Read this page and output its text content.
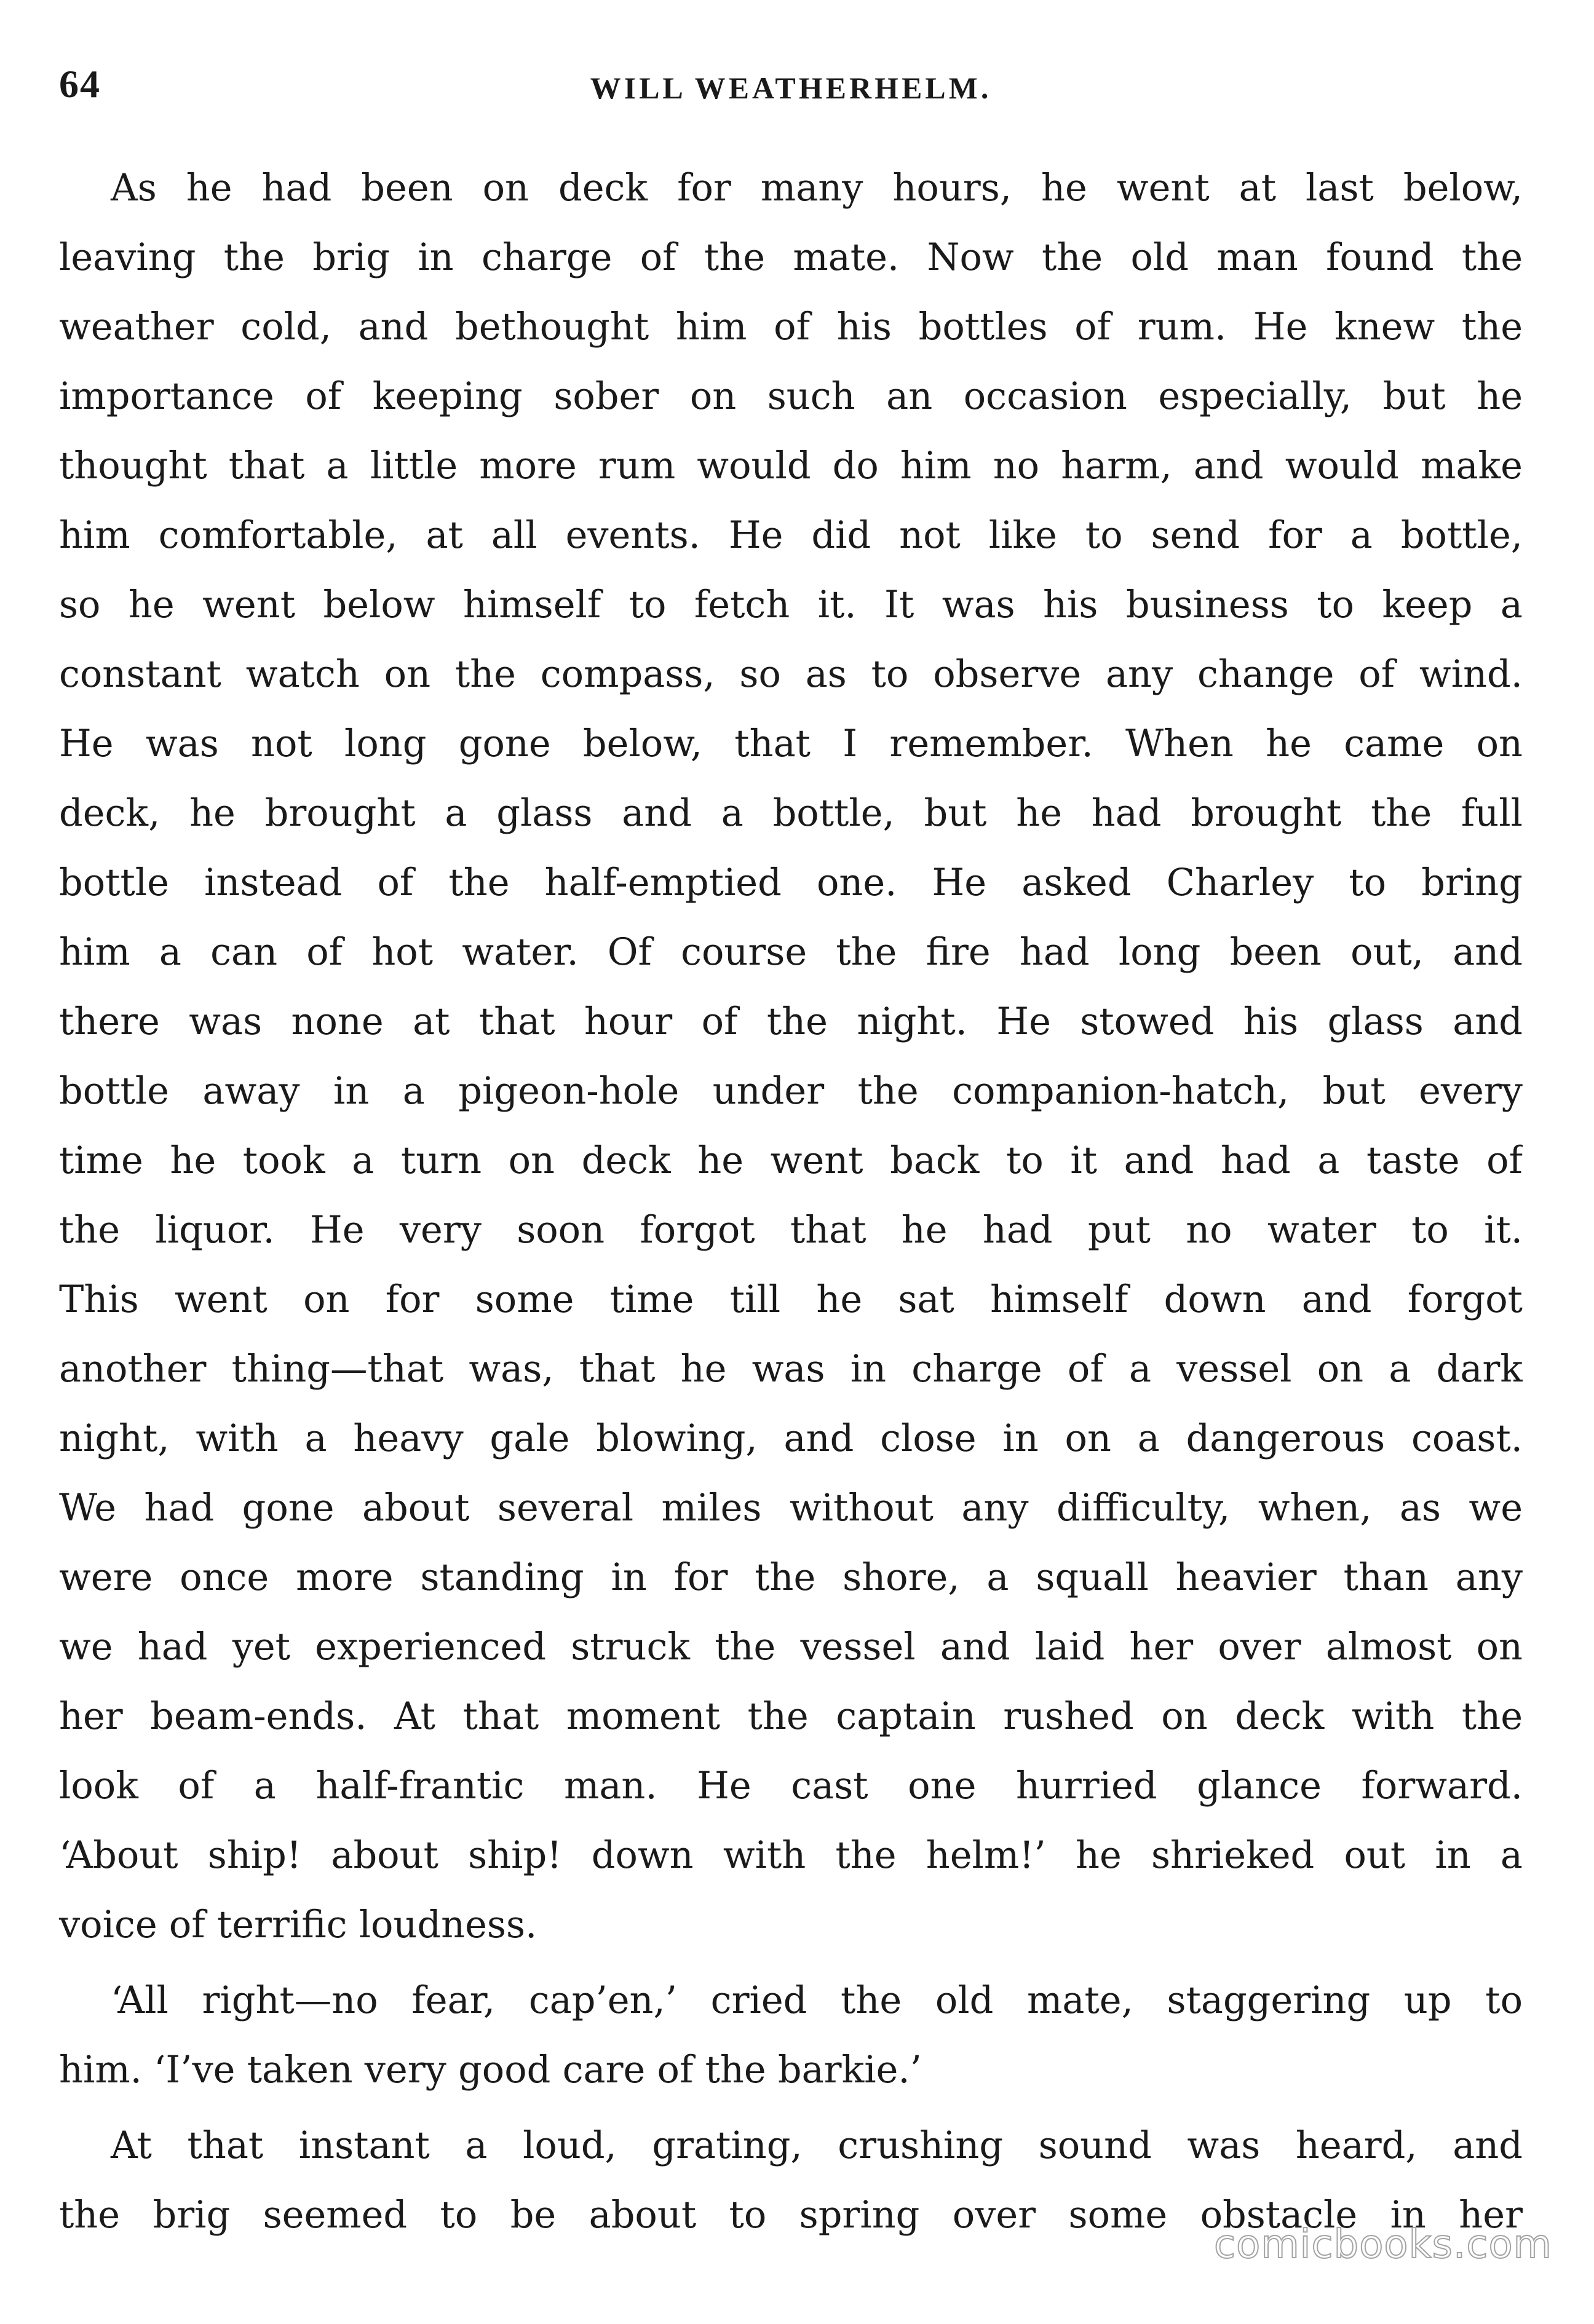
64	WILL WEATHERHELM.
As he had been on deck for many hours, he went at last below,
leaving the brig in charge of the mate. Now the old man found the
weather cold, and bethought him of his bottles of rum. He knew the
importance of keeping sober on such an occasion especially, but he
thought that a little more rum would do him no harm, and would make
him comfortable, at all events. He did not like to send for a bottle,
so he went below himself to fetch it. It was his business to keep a
constant watch on the compass, so as to observe any change of wind.
He was not long gone below, that I remember. When he came on
deck, he brought a glass and a bottle, but he had brought the full
bottle instead of the half-emptied one. He asked Charley to bring
him a can of hot water. Of course the fire had long been out, and
there was none at that hour of the night. He stowed his glass and
bottle away in a pigeon-hole under the companion-hatch, but every
time he took a turn on deck he went back to it and had a taste of
the liquor. He very soon forgot that he had put no water to it.
This went on for some time till he sat himself down and forgot
another thing—that was, that he was in charge of a vessel on a dark
night, with a heavy gale blowing, and close in on a dangerous coast.
We had gone about several miles without any difficulty, when, as we
were once more standing in for the shore, a squall heavier than any
we had yet experienced struck the vessel and laid her over almost on
her beam-ends. At that moment the captain rushed on deck with the
look of a half-frantic man. He cast one hurried glance forward.
‘About ship! about ship! down with the helm!’ he shrieked out in a
voice of terrific loudness.
‘All right—no fear, cap’en,’ cried the old mate, staggering up to
him. ‘I’ve taken very good care of the barkie.’
At that instant a loud, grating, crushing sound was heard, and
the brig seemed to be about to spring over some obstacle in her
comicbooks.com
